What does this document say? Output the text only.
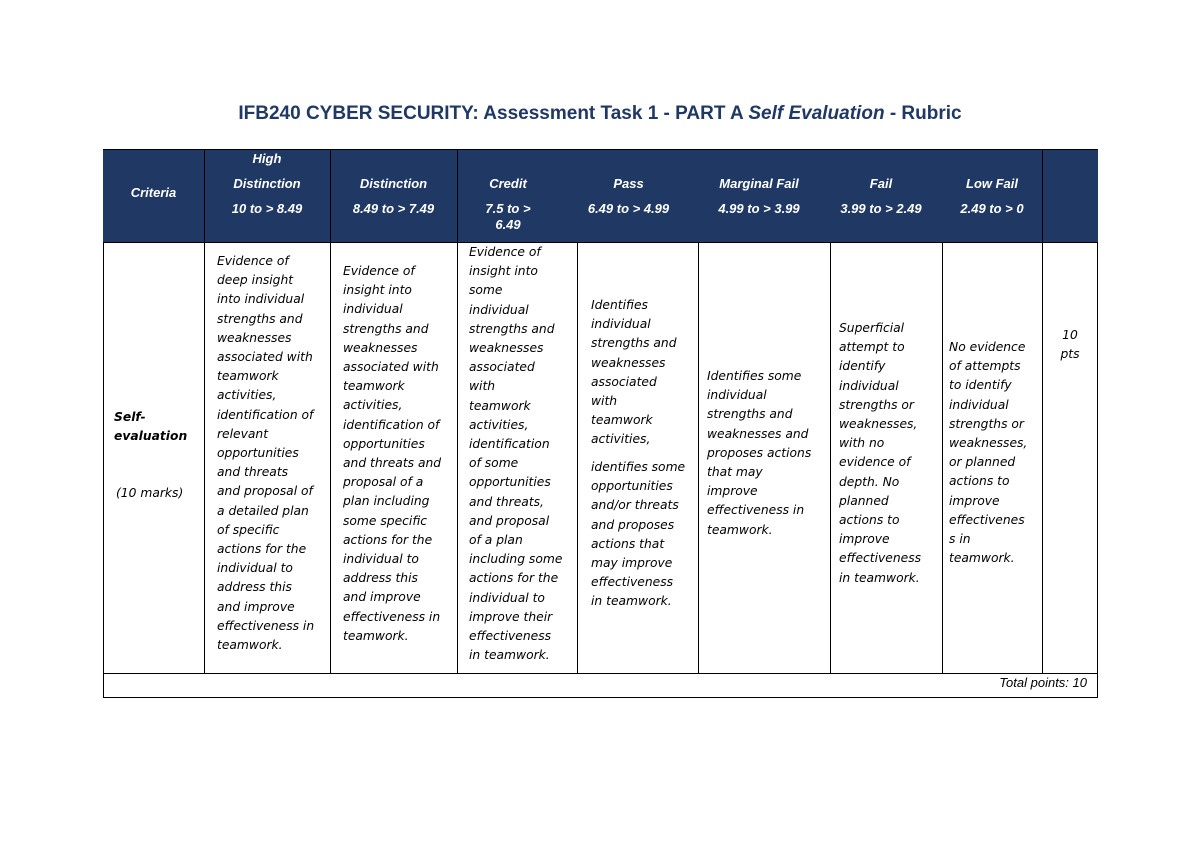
IFB240 CYBER SECURITY: Assessment Task 1 - PART A Self Evaluation - Rubric
Criteria
High
Distinction
10 to > 8.49
Distinction
8.49 to > 7.49
Credit
7.5 to >
6.49
Pass
6.49 to > 4.99
Marginal Fail
4.99 to > 3.99
Fail
3.99 to > 2.49
Low Fail
2.49 to > 0
Self-
evaluation
(10 marks)
Evidence of
deep insight
into individual
strengths and
weaknesses
associated with
teamwork
activities,
identification of
relevant
opportunities
and threats
and proposal of
a detailed plan
of specific
actions for the
individual to
address this
and improve
effectiveness in
teamwork.
Evidence of
insight into
individual
strengths and
weaknesses
associated with
teamwork
activities,
identification of
opportunities
and threats and
proposal of a
plan including
some specific
actions for the
individual to
address this
and improve
effectiveness in
teamwork.
Evidence of
insight into
some
individual
strengths and
weaknesses
associated
with
teamwork
activities,
identification
of some
opportunities
and threats,
and proposal
of a plan
including some
actions for the
individual to
improve their
effectiveness
in teamwork.
Identifies
individual
strengths and
weaknesses
associated
with
teamwork
activities,
identifies some
opportunities
and/or threats
and proposes
actions that
may improve
effectiveness
in teamwork.
Identifies some
individual
strengths and
weaknesses and
proposes actions
that may
improve
effectiveness in
teamwork.
Superficial
attempt to
identify
individual
strengths or
weaknesses,
with no
evidence of
depth. No
planned
actions to
improve
effectiveness
in teamwork.
No evidence
of attempts
to identify
individual
strengths or
weaknesses,
or planned
actions to
improve
effectivenes
s in
teamwork.
10
pts
Total points: 10
